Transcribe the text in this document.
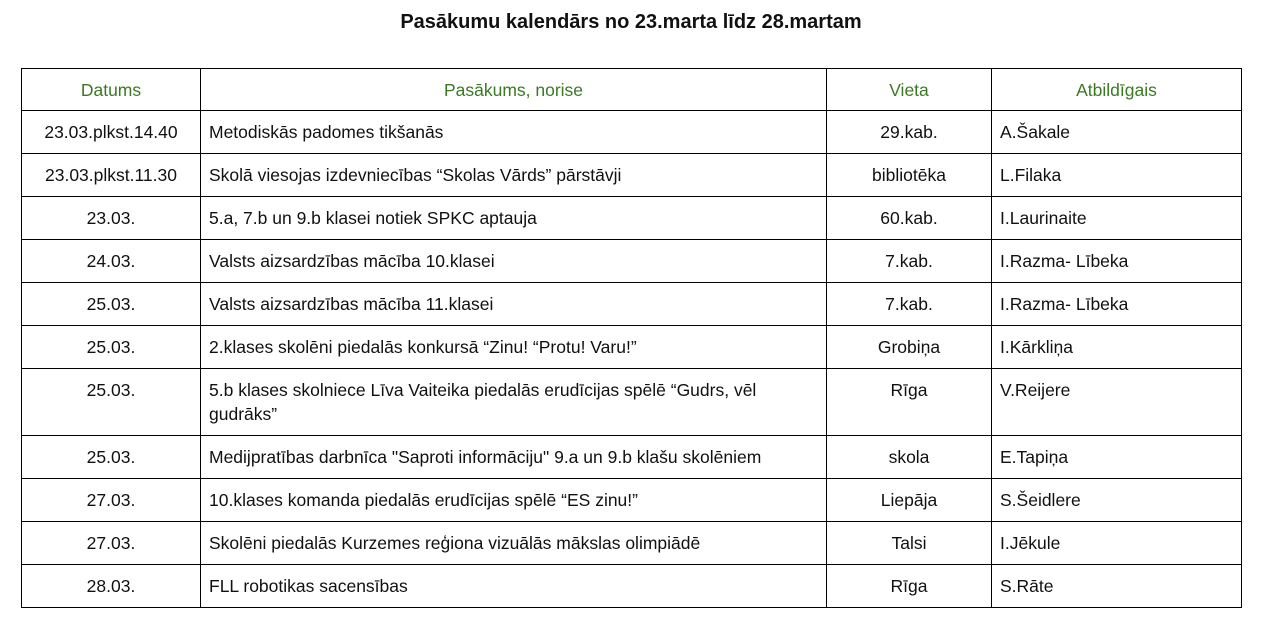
Pasākumu kalendārs no 23.marta līdz 28.martam
Datums	Pasākums, norise	Vieta	Atbildīgais
23.03.plkst.14.40	Metodiskās padomes tikšanās	29.kab.	A.Šakale
23.03.plkst.11.30	Skolā viesojas izdevniecības “Skolas Vārds” pārstāvji	bibliotēka	L.Filaka
23.03.	5.a, 7.b un 9.b klasei notiek SPKC aptauja	60.kab.	I.Laurinaite
24.03.	Valsts aizsardzības mācība 10.klasei	7.kab.	I.Razma- Lībeka
25.03.	Valsts aizsardzības mācība 11.klasei	7.kab.	I.Razma- Lībeka
25.03.	2.klases skolēni piedalās konkursā “Zinu! “Protu! Varu!”	Grobiņa	I.Kārkliņa
25.03.	5.b klases skolniece Līva Vaiteika piedalās erudīcijas spēlē “Gudrs, vēl gudrāks”	Rīga	V.Reijere
25.03.	Medijpratības darbnīca "Saproti informāciju" 9.a un 9.b klašu skolēniem	skola	E.Tapiņa
27.03.	10.klases komanda piedalās erudīcijas spēlē “ES zinu!”	Liepāja	S.Šeidlere
27.03.	Skolēni piedalās Kurzemes reģiona vizuālās mākslas olimpiādē	Talsi	I.Jēkule
28.03.	FLL robotikas sacensības	Rīga	S.Rāte
